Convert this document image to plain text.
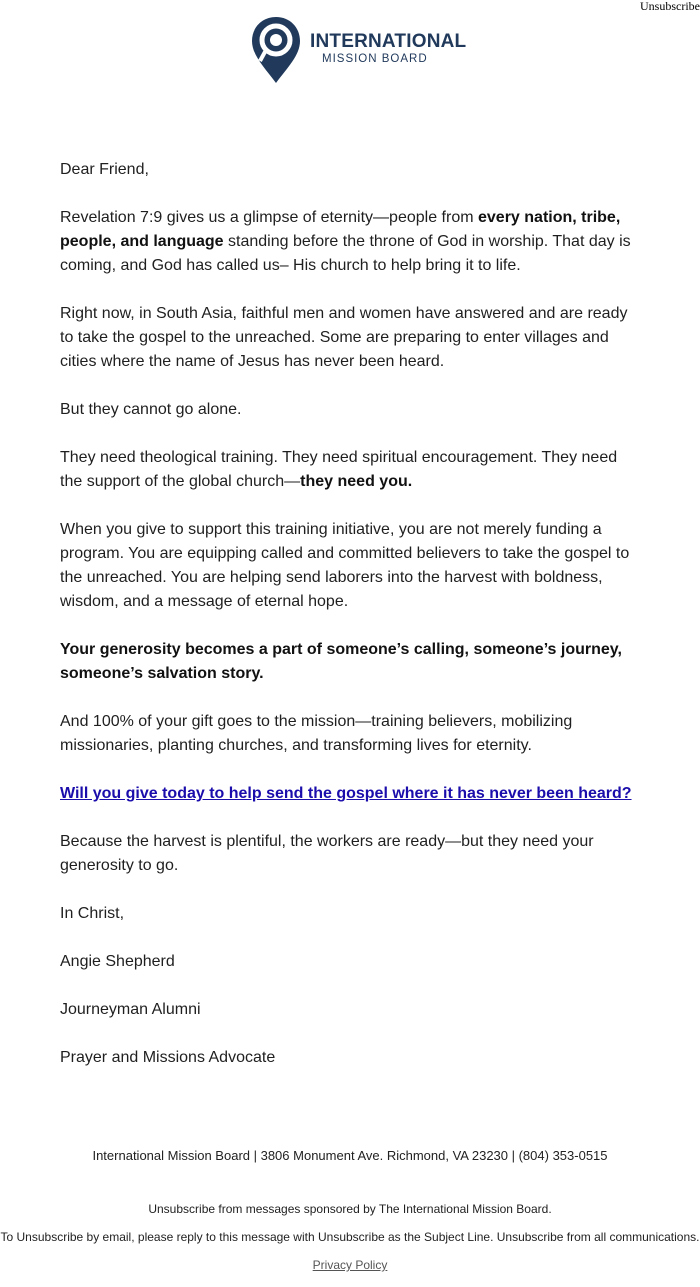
Unsubscribe
INTERNATIONAL
MISSION BOARD

Dear Friend,

Revelation 7:9 gives us a glimpse of eternity—people from every nation, tribe, people, and language standing before the throne of God in worship. That day is coming, and God has called us– His church to help bring it to life.

Right now, in South Asia, faithful men and women have answered and are ready to take the gospel to the unreached. Some are preparing to enter villages and cities where the name of Jesus has never been heard.

But they cannot go alone.

They need theological training. They need spiritual encouragement. They need the support of the global church—they need you.

When you give to support this training initiative, you are not merely funding a program. You are equipping called and committed believers to take the gospel to the unreached. You are helping send laborers into the harvest with boldness, wisdom, and a message of eternal hope.

Your generosity becomes a part of someone’s calling, someone’s journey, someone’s salvation story.

And 100% of your gift goes to the mission—training believers, mobilizing missionaries, planting churches, and transforming lives for eternity.

Will you give today to help send the gospel where it has never been heard?

Because the harvest is plentiful, the workers are ready—but they need your generosity to go.

In Christ,

Angie Shepherd

Journeyman Alumni

Prayer and Missions Advocate

International Mission Board | 3806 Monument Ave. Richmond, VA 23230 | (804) 353-0515
Unsubscribe from messages sponsored by The International Mission Board.
To Unsubscribe by email, please reply to this message with Unsubscribe as the Subject Line. Unsubscribe from all communications.
Privacy Policy
